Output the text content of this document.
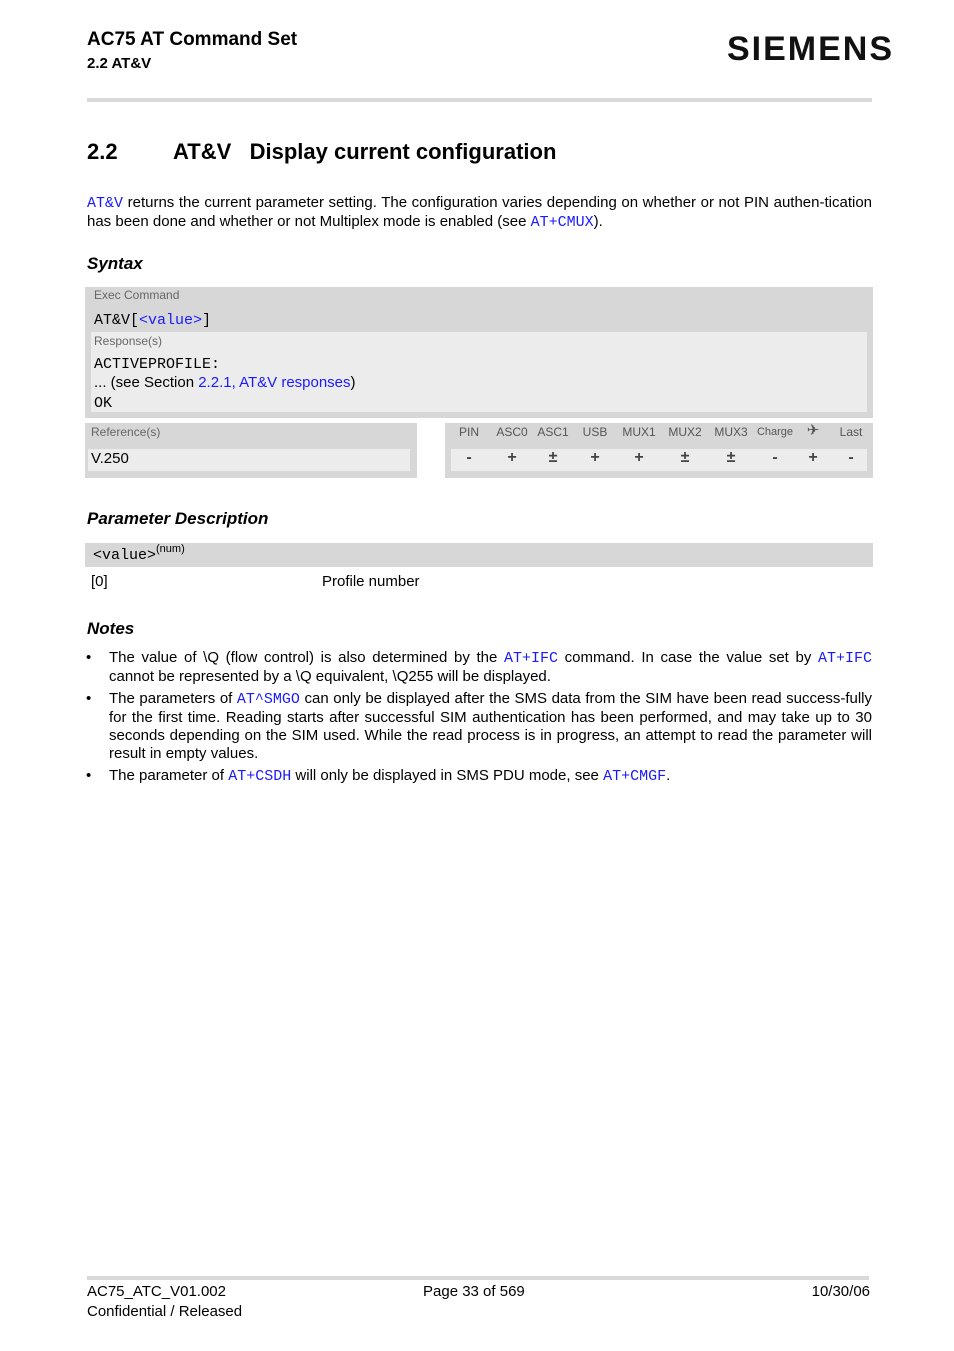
AC75 AT Command Set
2.2 AT&V	SIEMENS
2.2	AT&V   Display current configuration
AT&V returns the current parameter setting. The configuration varies depending on whether or not PIN authen-tication has been done and whether or not Multiplex mode is enabled (see AT+CMUX).
Syntax
Exec Command
AT&V[<value>]
Response(s)
ACTIVEPROFILE:
... (see Section 2.2.1, AT&V responses)
OK
Reference(s)
V.250
PIN ASC0 ASC1 USB MUX1 MUX2 MUX3 Charge ✈ Last
- + ± + + ± ± - + -
Parameter Description
<value>$^{(num)}$
[0]	Profile number
Notes
• The value of \Q (flow control) is also determined by the AT+IFC command. In case the value set by AT+IFC cannot be represented by a \Q equivalent, \Q255 will be displayed.
• The parameters of AT^SMGO can only be displayed after the SMS data from the SIM have been read success-fully for the first time. Reading starts after successful SIM authentication has been performed, and may take up to 30 seconds depending on the SIM used. While the read process is in progress, an attempt to read the parameter will result in empty values.
• The parameter of AT+CSDH will only be displayed in SMS PDU mode, see AT+CMGF.
AC75_ATC_V01.002
Confidential / Released
Page 33 of 569	10/30/06
